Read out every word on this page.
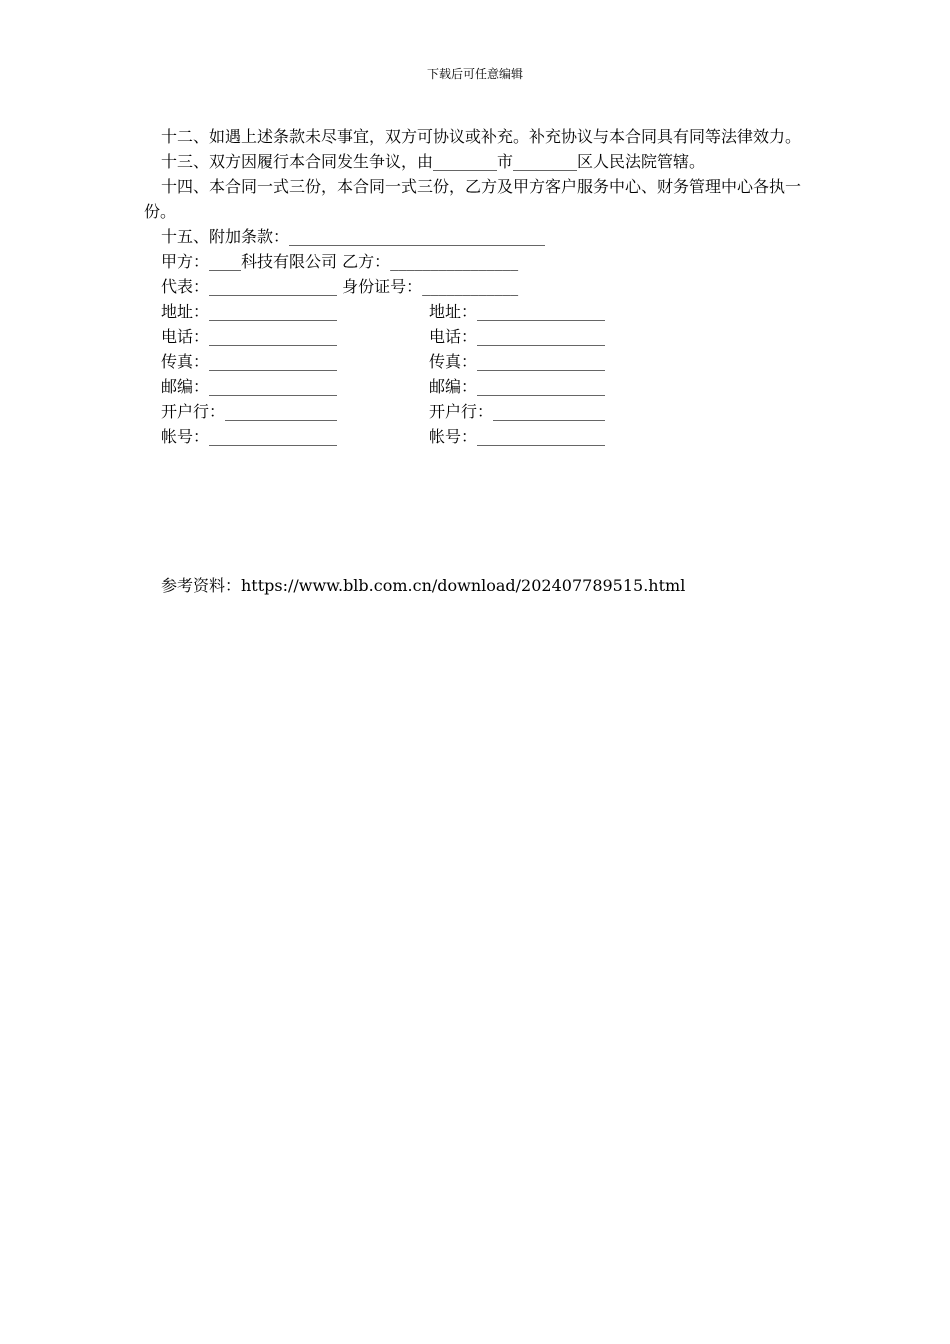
下载后可任意编辑

十二、如遇上述条款未尽事宜，双方可协议或补充。补充协议与本合同具有同等法律效力。

十三、双方因履行本合同发生争议，由________市________区人民法院管辖。

十四、本合同一式三份，本合同一式三份，乙方及甲方客户服务中心、财务管理中心各执一份。

十五、附加条款：________________________________

甲方：____科技有限公司 乙方：________________

代表：________________ 身份证号：____________

地址：________________	地址：________________
电话：________________	电话：________________
传真：________________	传真：________________
邮编：________________	邮编：________________
开户行：______________	开户行：______________
帐号：________________	帐号：________________

参考资料：https://www.blb.com.cn/download/202407789515.html
